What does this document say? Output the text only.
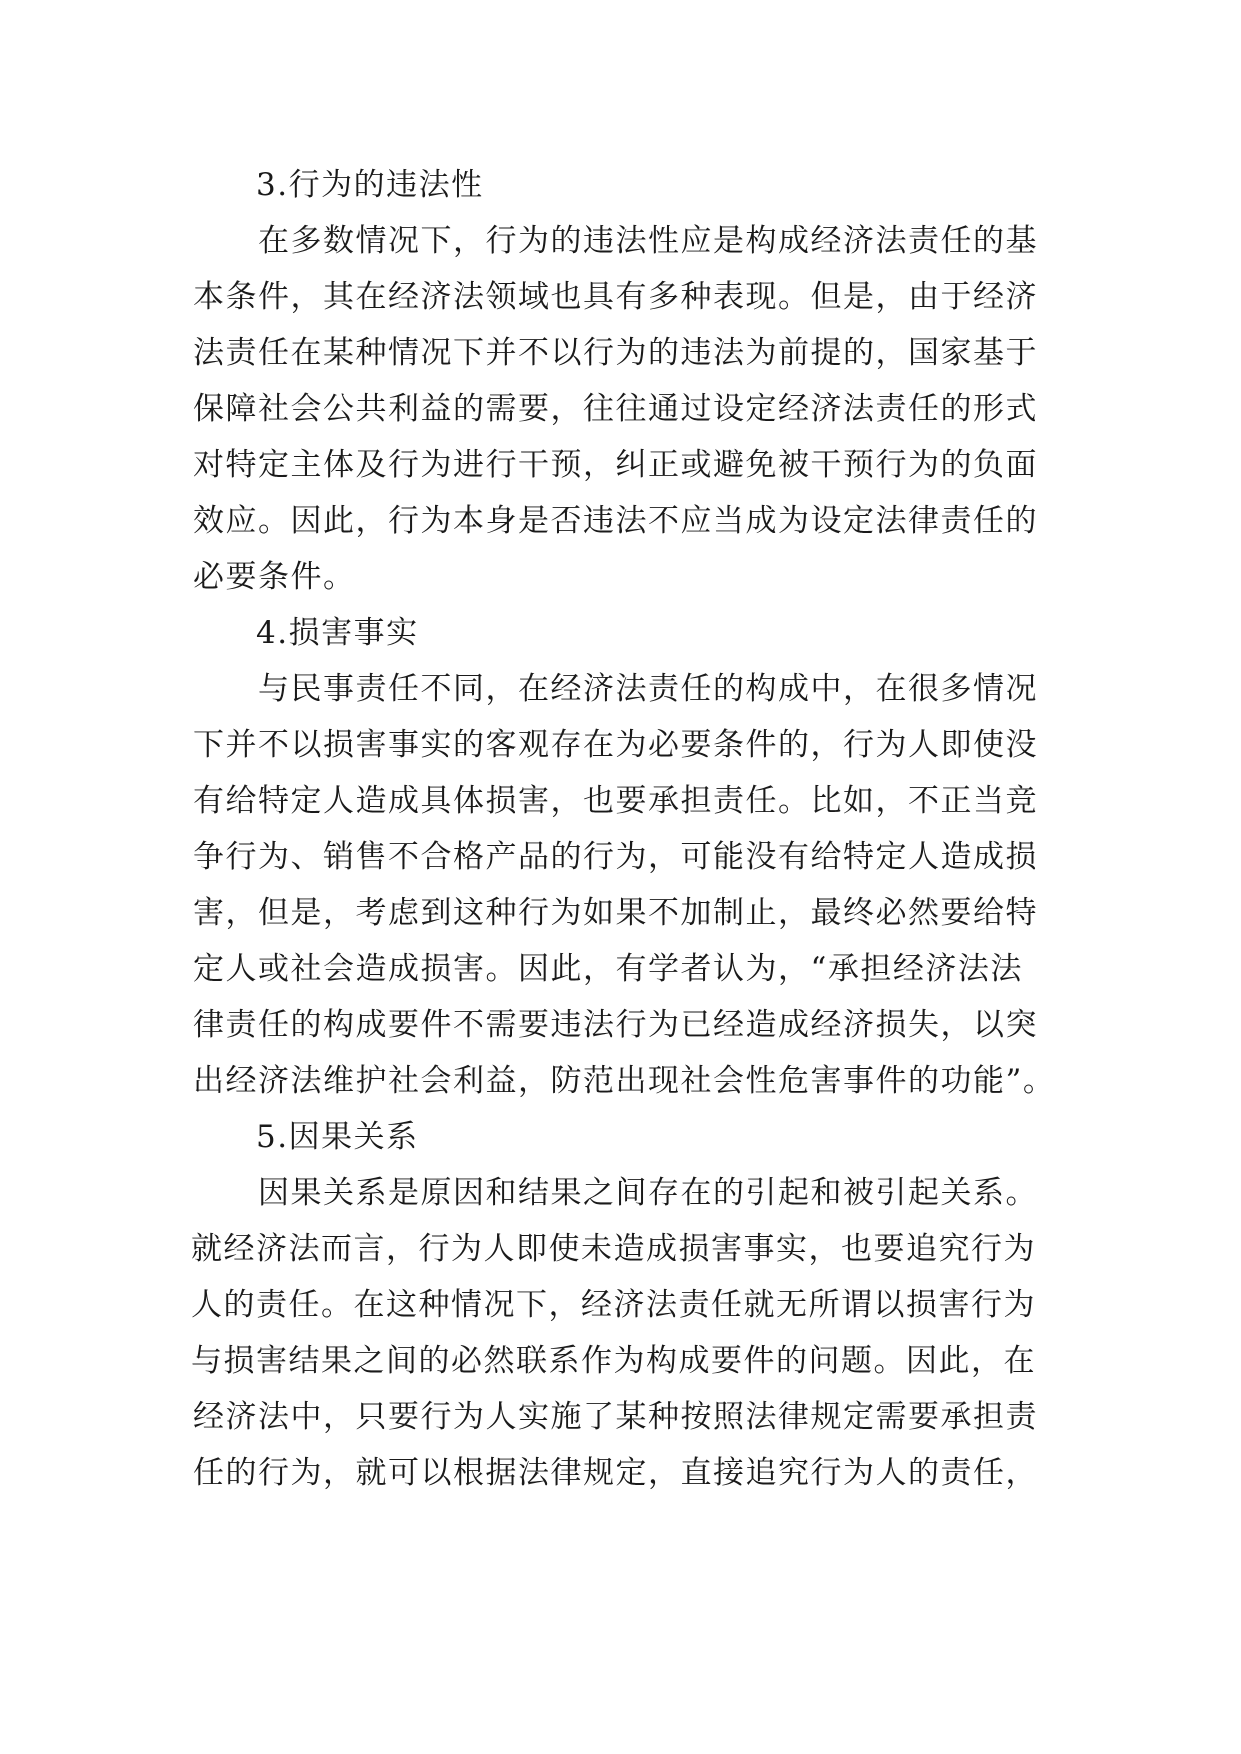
3.行为的违法性
在多数情况下，行为的违法性应是构成经济法责任的基
本条件，其在经济法领域也具有多种表现。但是，由于经济
法责任在某种情况下并不以行为的违法为前提的，国家基于
保障社会公共利益的需要，往往通过设定经济法责任的形式
对特定主体及行为进行干预，纠正或避免被干预行为的负面
效应。因此，行为本身是否违法不应当成为设定法律责任的
必要条件。
4.损害事实
与民事责任不同，在经济法责任的构成中，在很多情况
下并不以损害事实的客观存在为必要条件的，行为人即使没
有给特定人造成具体损害，也要承担责任。比如，不正当竞
争行为、销售不合格产品的行为，可能没有给特定人造成损
害，但是，考虑到这种行为如果不加制止，最终必然要给特
定人或社会造成损害。因此，有学者认为，“承担经济法法
律责任的构成要件不需要违法行为已经造成经济损失，以突
出经济法维护社会利益，防范出现社会性危害事件的功能”。
5.因果关系
因果关系是原因和结果之间存在的引起和被引起关系。
就经济法而言，行为人即使未造成损害事实，也要追究行为
人的责任。在这种情况下，经济法责任就无所谓以损害行为
与损害结果之间的必然联系作为构成要件的问题。因此，在
经济法中，只要行为人实施了某种按照法律规定需要承担责
任的行为，就可以根据法律规定，直接追究行为人的责任，
